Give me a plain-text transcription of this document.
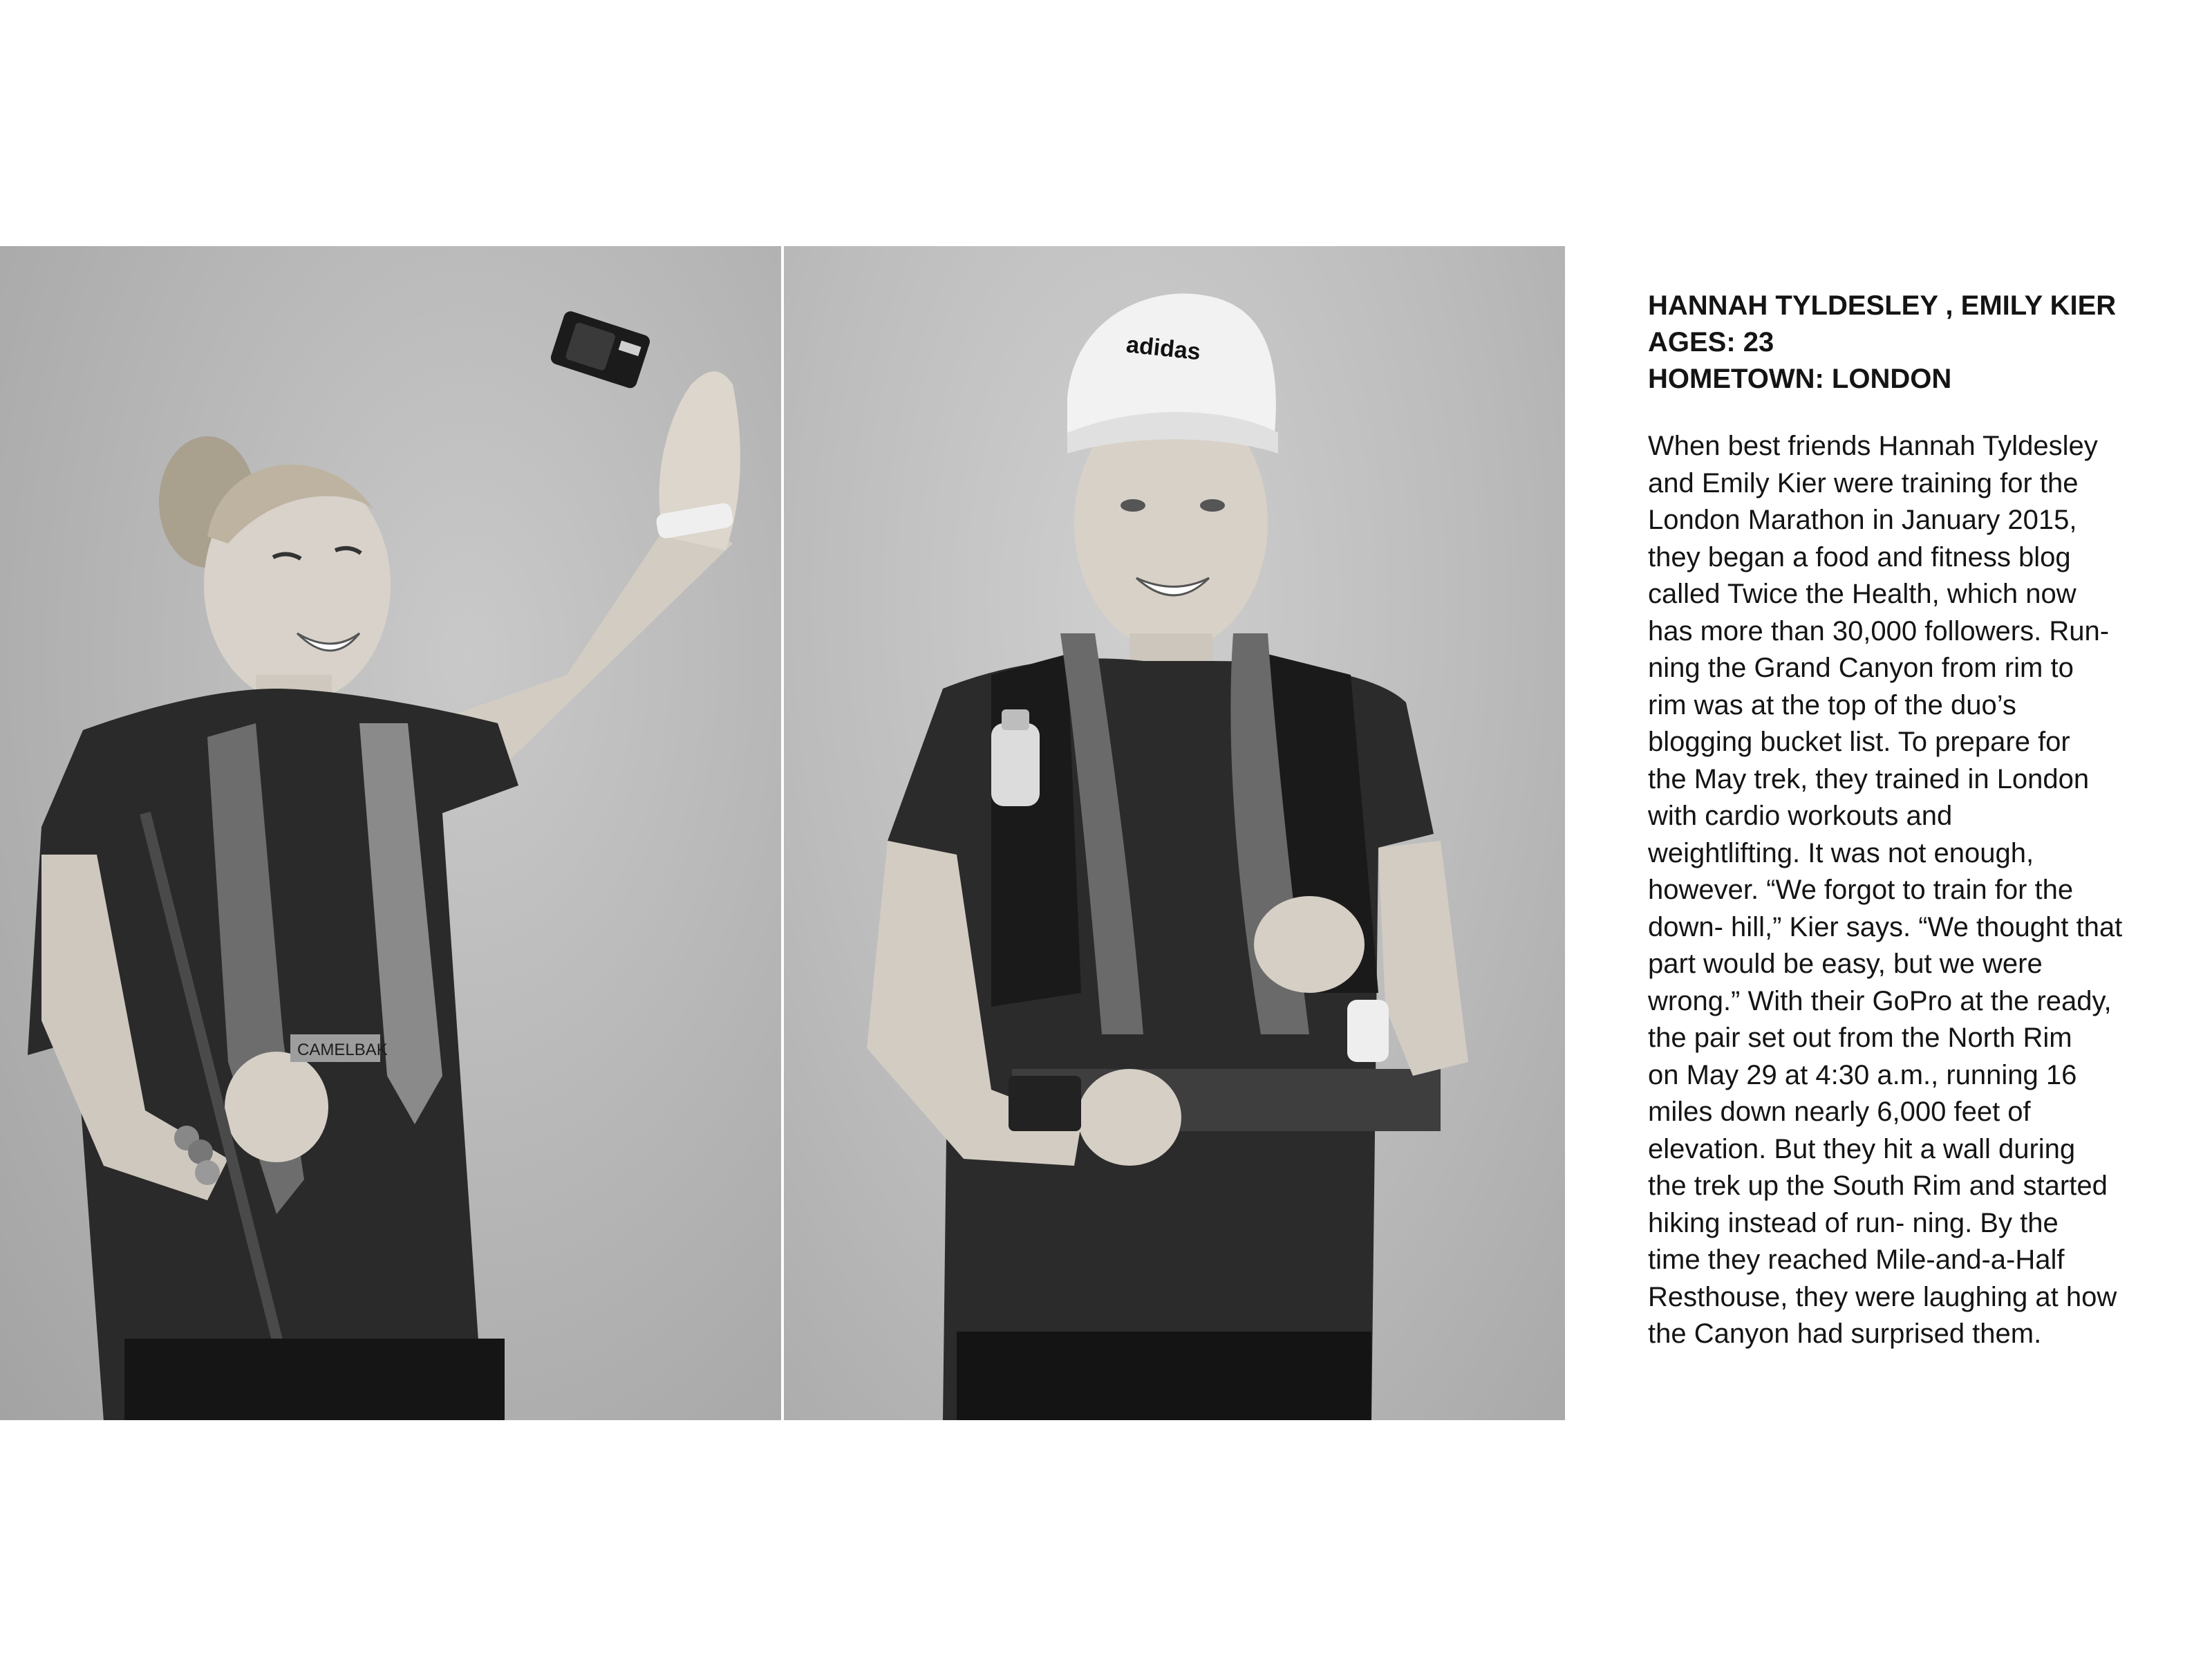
CAMELBAK
adidas
HANNAH TYLDESLEY , EMILY KIER
AGES: 23
HOMETOWN: LONDON
When best friends Hannah Tyldesley
and Emily Kier were training for the
London Marathon in January 2015,
they began a food and fitness blog
called Twice the Health, which now
has more than 30,000 followers. Run-
ning the Grand Canyon from rim to
rim was at the top of the duo’s
blogging bucket list. To prepare for
the May trek, they trained in London
with cardio workouts and
weightlifting. It was not enough,
however. “We forgot to train for the
down- hill,” Kier says. “We thought that
part would be easy, but we were
wrong.” With their GoPro at the ready,
the pair set out from the North Rim
on May 29 at 4:30 a.m., running 16
miles down nearly 6,000 feet of
elevation. But they hit a wall during
the trek up the South Rim and started
hiking instead of run- ning. By the
time they reached Mile-and-a-Half
Resthouse, they were laughing at how
the Canyon had surprised them.
